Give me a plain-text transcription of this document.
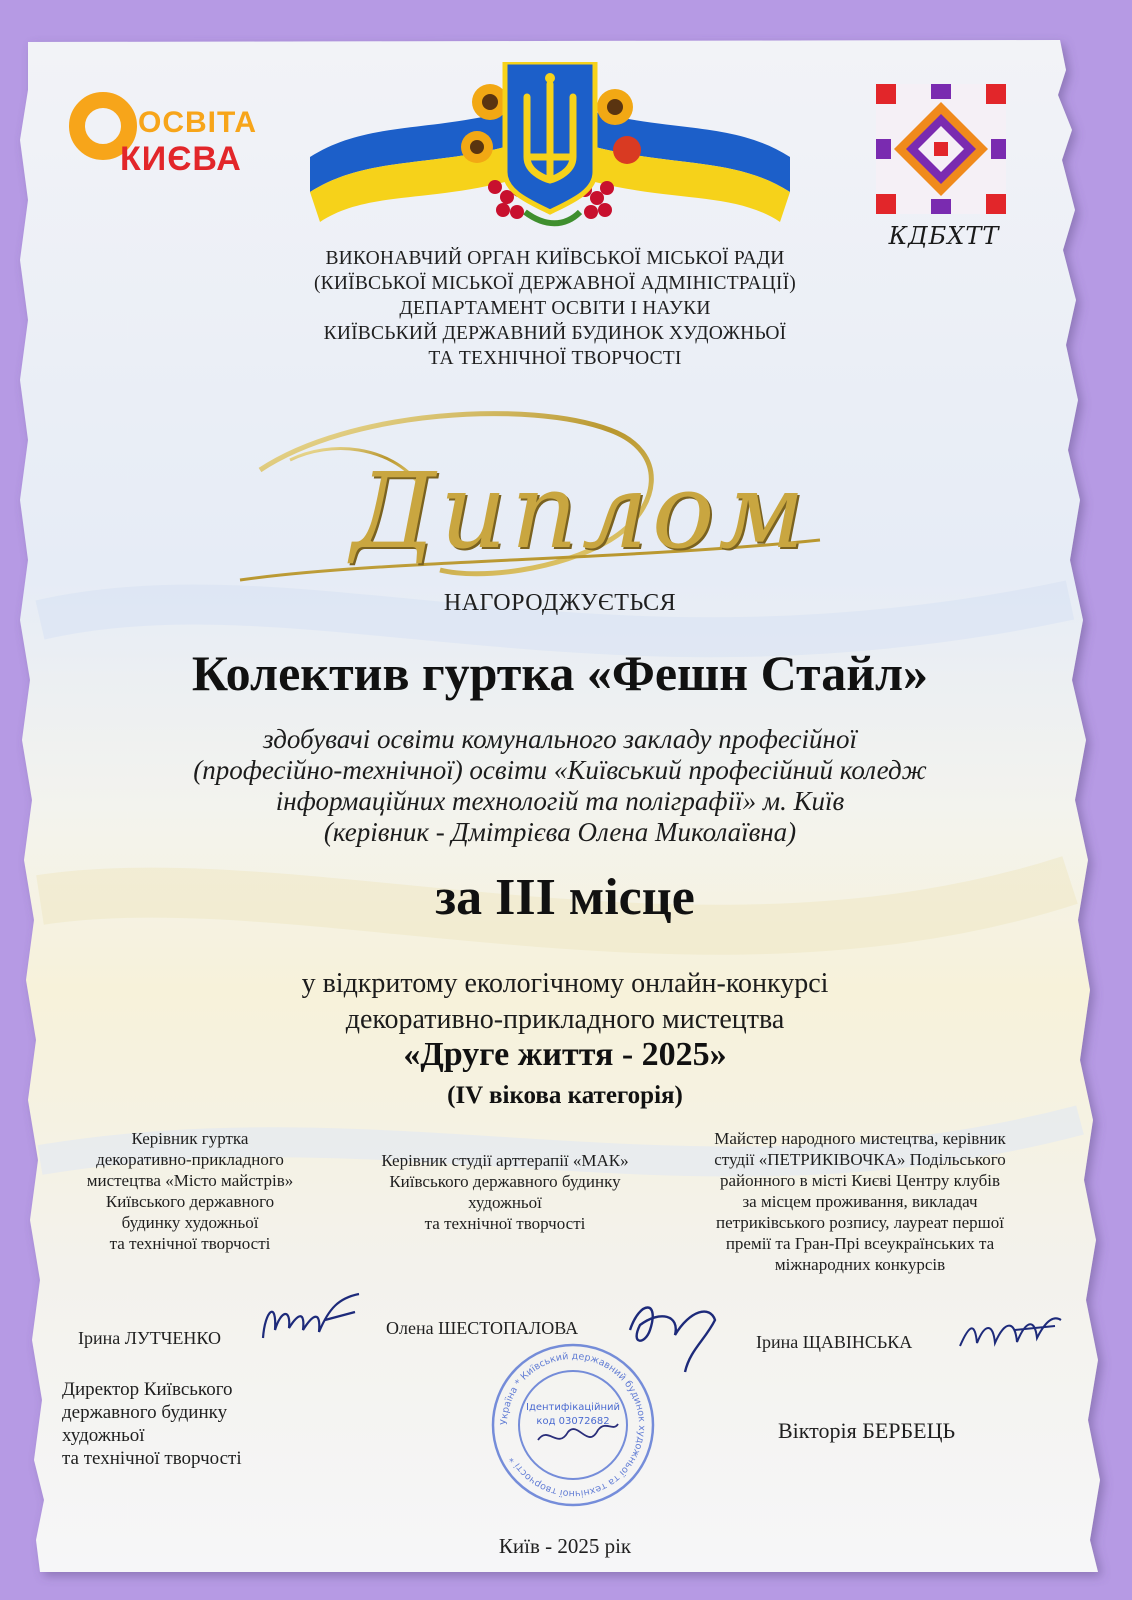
ОСВІТА
КИЄВА
КДБХТТ
ВИКОНАВЧИЙ ОРГАН КИЇВСЬКОЇ МІСЬКОЇ РАДИ
(КИЇВСЬКОЇ МІСЬКОЇ ДЕРЖАВНОЇ АДМІНІСТРАЦІЇ)
ДЕПАРТАМЕНТ ОСВІТИ І НАУКИ
КИЇВСЬКИЙ ДЕРЖАВНИЙ БУДИНОК ХУДОЖНЬОЇ
ТА ТЕХНІЧНОЇ ТВОРЧОСТІ
Диплом
НАГОРОДЖУЄТЬСЯ
Колектив гуртка «Фешн Стайл»
здобувачі освіти комунального закладу професійної
(професійно-технічної) освіти «Київський професійний коледж
інформаційних технологій та поліграфії» м. Київ
(керівник - Дмітрієва Олена Миколаївна)
за ІІІ місце
у відкритому екологічному онлайн-конкурсі
декоративно-прикладного мистецтва
«Друге життя - 2025»
(IV вікова категорія)
Керівник гуртка
декоративно-прикладного
мистецтва «Місто майстрів»
Київського державного
будинку художньої
та технічної творчості
Ірина ЛУТЧЕНКО
Керівник студії арттерапії «МАК»
Київського державного будинку
художньої
та технічної творчості
Олена ШЕСТОПАЛОВА
Майстер народного мистецтва, керівник
студії «ПЕТРИКІВОЧКА» Подільського
районного в місті Києві Центру клубів
за місцем проживання, викладач
петриківського розпису, лауреат першої
премії та Гран-Прі всеукраїнських та
міжнародних конкурсів
Ірина ЩАВІНСЬКА
Директор Київського
державного будинку
художньої
та технічної творчості
Вікторія БЕРБЕЦЬ
Україна * Київський державний будинок художньої та технічної творчості *
Ідентифікаційний
код 03072682
Київ - 2025 рік
